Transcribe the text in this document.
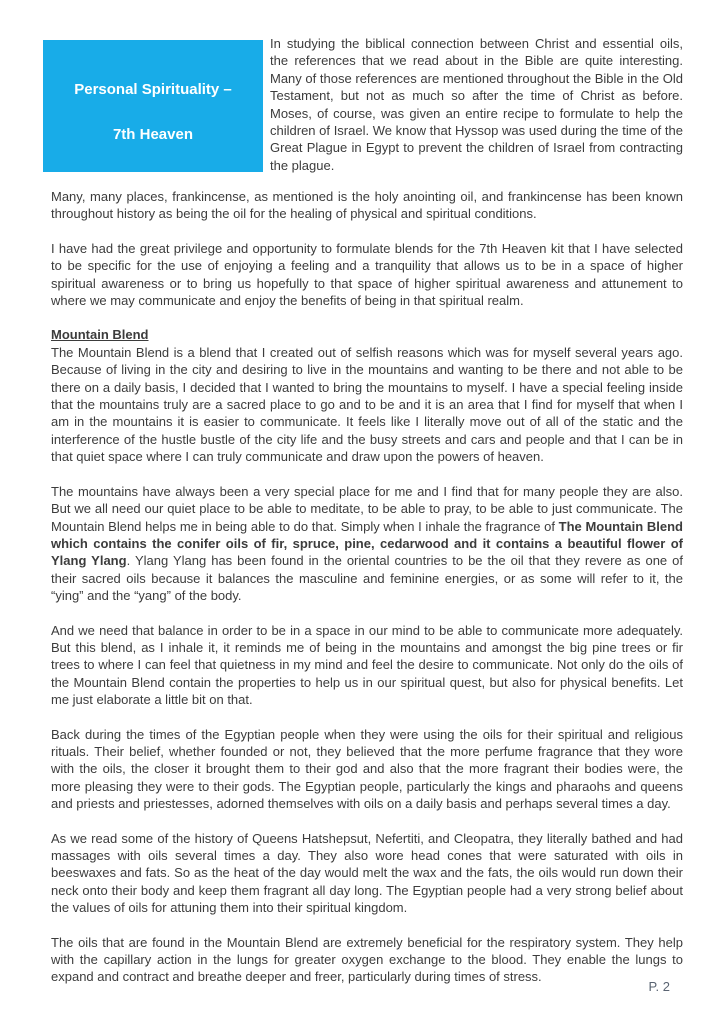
Personal Spirituality –
7th Heaven

In studying the biblical connection between Christ and essential oils, the references that we read about in the Bible are quite interesting. Many of those references are mentioned throughout the Bible in the Old Testament, but not as much so after the time of Christ as before. Moses, of course, was given an entire recipe to formulate to help the children of Israel. We know that Hyssop was used during the time of the Great Plague in Egypt to prevent the children of Israel from contracting the plague.

Many, many places, frankincense, as mentioned is the holy anointing oil, and frankincense has been known throughout history as being the oil for the healing of physical and spiritual conditions.

I have had the great privilege and opportunity to formulate blends for the 7th Heaven kit that I have selected to be specific for the use of enjoying a feeling and a tranquility that allows us to be in a space of higher spiritual awareness or to bring us hopefully to that space of higher spiritual awareness and attunement to where we may communicate and enjoy the benefits of being in that spiritual realm.

Mountain Blend

The Mountain Blend is a blend that I created out of selfish reasons which was for myself several years ago. Because of living in the city and desiring to live in the mountains and wanting to be there and not able to be there on a daily basis, I decided that I wanted to bring the mountains to myself. I have a special feeling inside that the mountains truly are a sacred place to go and to be and it is an area that I find for myself that when I am in the mountains it is easier to communicate. It feels like I literally move out of all of the static and the interference of the hustle bustle of the city life and the busy streets and cars and people and that I can be in that quiet space where I can truly communicate and draw upon the powers of heaven.

The mountains have always been a very special place for me and I find that for many people they are also. But we all need our quiet place to be able to meditate, to be able to pray, to be able to just communicate. The Mountain Blend helps me in being able to do that. Simply when I inhale the fragrance of The Mountain Blend which contains the conifer oils of fir, spruce, pine, cedarwood and it contains a beautiful flower of Ylang Ylang. Ylang Ylang has been found in the oriental countries to be the oil that they revere as one of their sacred oils because it balances the masculine and feminine energies, or as some will refer to it, the “ying” and the “yang” of the body.

And we need that balance in order to be in a space in our mind to be able to communicate more adequately. But this blend, as I inhale it, it reminds me of being in the mountains and amongst the big pine trees or fir trees to where I can feel that quietness in my mind and feel the desire to communicate. Not only do the oils of the Mountain Blend contain the properties to help us in our spiritual quest, but also for physical benefits. Let me just elaborate a little bit on that.

Back during the times of the Egyptian people when they were using the oils for their spiritual and religious rituals. Their belief, whether founded or not, they believed that the more perfume fragrance that they wore with the oils, the closer it brought them to their god and also that the more fragrant their bodies were, the more pleasing they were to their gods. The Egyptian people, particularly the kings and pharaohs and queens and priests and priestesses, adorned themselves with oils on a daily basis and perhaps several times a day.

As we read some of the history of Queens Hatshepsut, Nefertiti, and Cleopatra, they literally bathed and had massages with oils several times a day. They also wore head cones that were saturated with oils in beeswaxes and fats. So as the heat of the day would melt the wax and the fats, the oils would run down their neck onto their body and keep them fragrant all day long. The Egyptian people had a very strong belief about the values of oils for attuning them into their spiritual kingdom.

The oils that are found in the Mountain Blend are extremely beneficial for the respiratory system. They help with the capillary action in the lungs for greater oxygen exchange to the blood. They enable the lungs to expand and contract and breathe deeper and freer, particularly during times of stress.

P. 2
